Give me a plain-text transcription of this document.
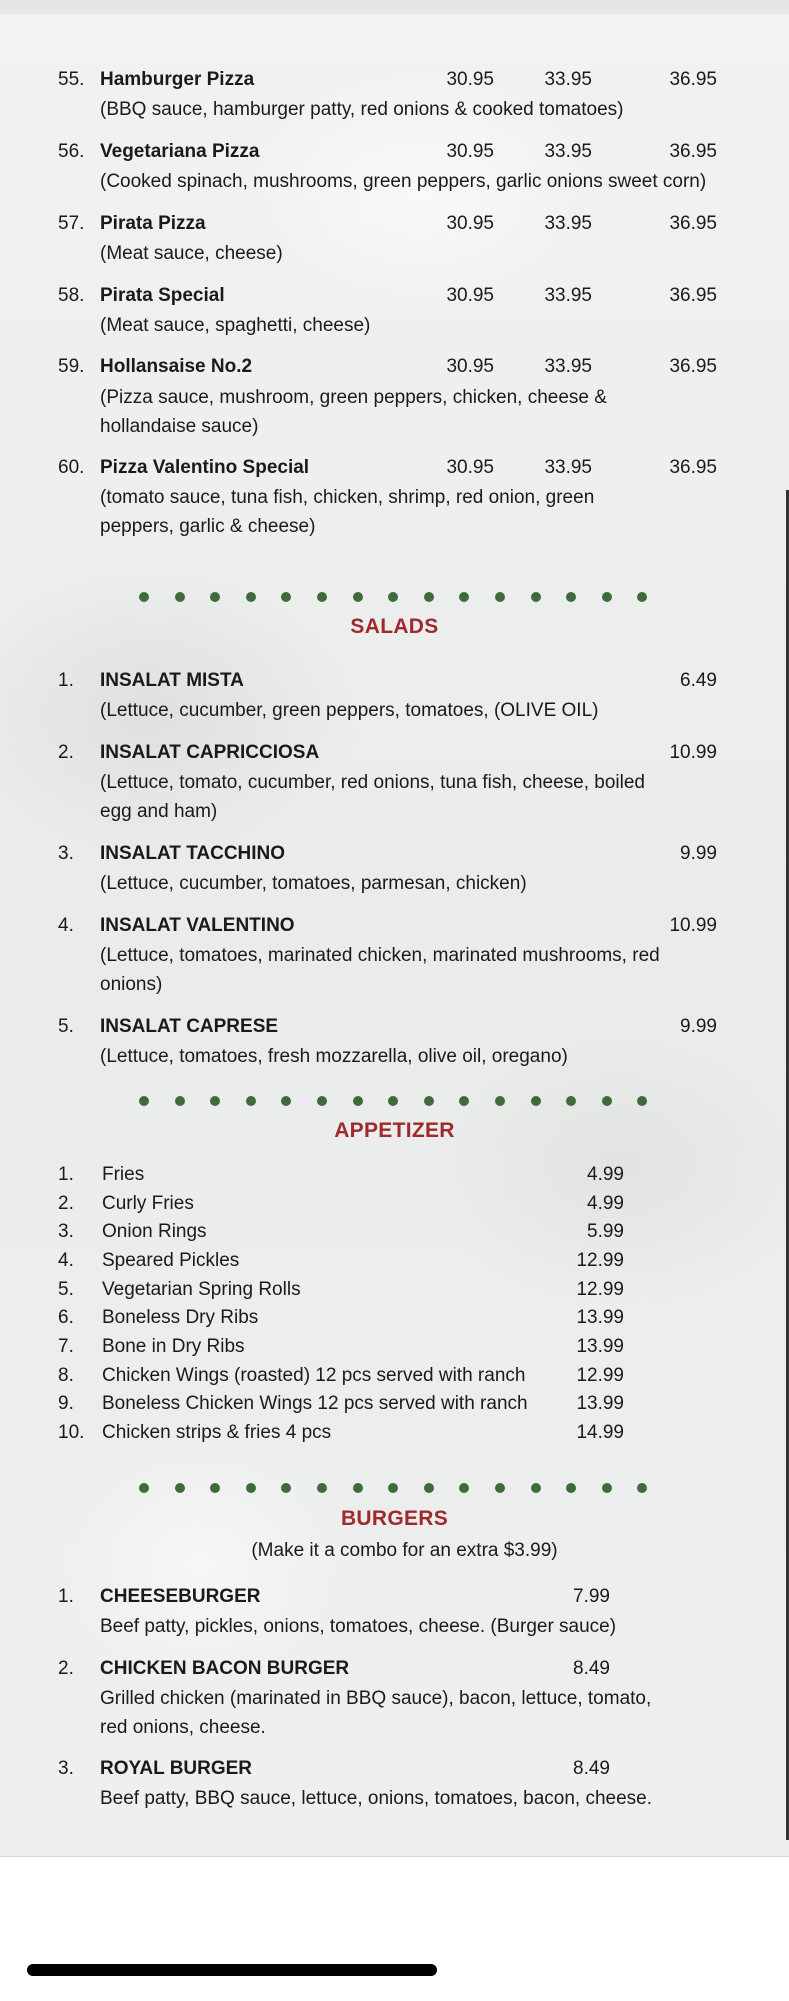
55. Hamburger Pizza	30.95	33.95	36.95
(BBQ sauce, hamburger patty, red onions & cooked tomatoes)
56. Vegetariana Pizza	30.95	33.95	36.95
(Cooked spinach, mushrooms, green peppers, garlic onions sweet corn)
57. Pirata Pizza	30.95	33.95	36.95
(Meat sauce, cheese)
58. Pirata Special	30.95	33.95	36.95
(Meat sauce, spaghetti, cheese)
59. Hollansaise No.2	30.95	33.95	36.95
(Pizza sauce, mushroom, green peppers, chicken, cheese & hollandaise sauce)
60. Pizza Valentino Special	30.95	33.95	36.95
(tomato sauce, tuna fish, chicken, shrimp, red onion, green peppers, garlic & cheese)
SALADS
1. INSALAT MISTA	6.49
(Lettuce, cucumber, green peppers, tomatoes, (OLIVE OIL)
2. INSALAT CAPRICCIOSA	10.99
(Lettuce, tomato, cucumber, red onions, tuna fish, cheese, boiled egg and ham)
3. INSALAT TACCHINO	9.99
(Lettuce, cucumber, tomatoes, parmesan, chicken)
4. INSALAT VALENTINO	10.99
(Lettuce, tomatoes, marinated chicken, marinated mushrooms, red onions)
5. INSALAT CAPRESE	9.99
(Lettuce, tomatoes, fresh mozzarella, olive oil, oregano)
APPETIZER
1. Fries	4.99
2. Curly Fries	4.99
3. Onion Rings	5.99
4. Speared Pickles	12.99
5. Vegetarian Spring Rolls	12.99
6. Boneless Dry Ribs	13.99
7. Bone in Dry Ribs	13.99
8. Chicken Wings (roasted) 12 pcs served with ranch	12.99
9. Boneless Chicken Wings 12 pcs served with ranch	13.99
10. Chicken strips & fries 4 pcs	14.99
BURGERS
(Make it a combo for an extra $3.99)
1. CHEESEBURGER	7.99
Beef patty, pickles, onions, tomatoes, cheese. (Burger sauce)
2. CHICKEN BACON BURGER	8.49
Grilled chicken (marinated in BBQ sauce), bacon, lettuce, tomato, red onions, cheese.
3. ROYAL BURGER	8.49
Beef patty, BBQ sauce, lettuce, onions, tomatoes, bacon, cheese.
